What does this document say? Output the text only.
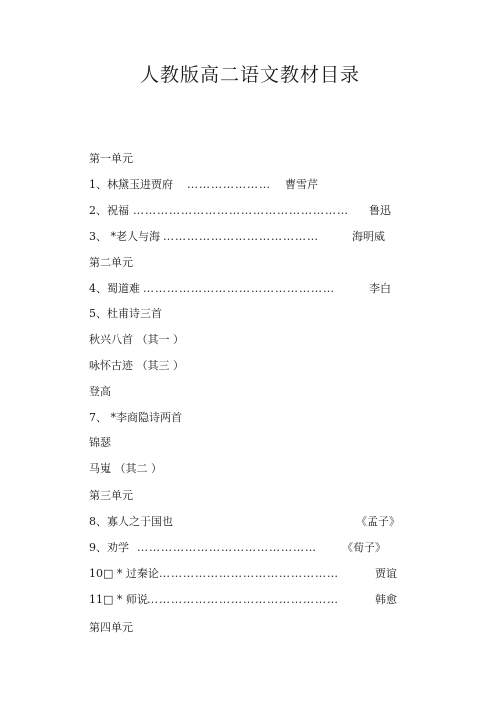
人教版高二语文教材目录
第一单元
1、林黛玉进贾府 ………………… 曹雪芹
2、祝福 ……………………………………………… 鲁迅
3、 *老人与海 …………………………………	海明威
第二单元
4、蜀道难 …………………………………………	李白
5、杜甫诗三首
秋兴八首 （其一 ）
咏怀古迹 （其三 ）
登高
7、 *李商隐诗两首
锦瑟
马嵬 （其二 ）
第三单元
8、寡人之于国也	《孟子》
9、劝学 ……………………………………… 《荀子》
10□ * 过秦论 ………………………………………	贾谊
11□ * 师说 …………………………………………	韩愈
第四单元
